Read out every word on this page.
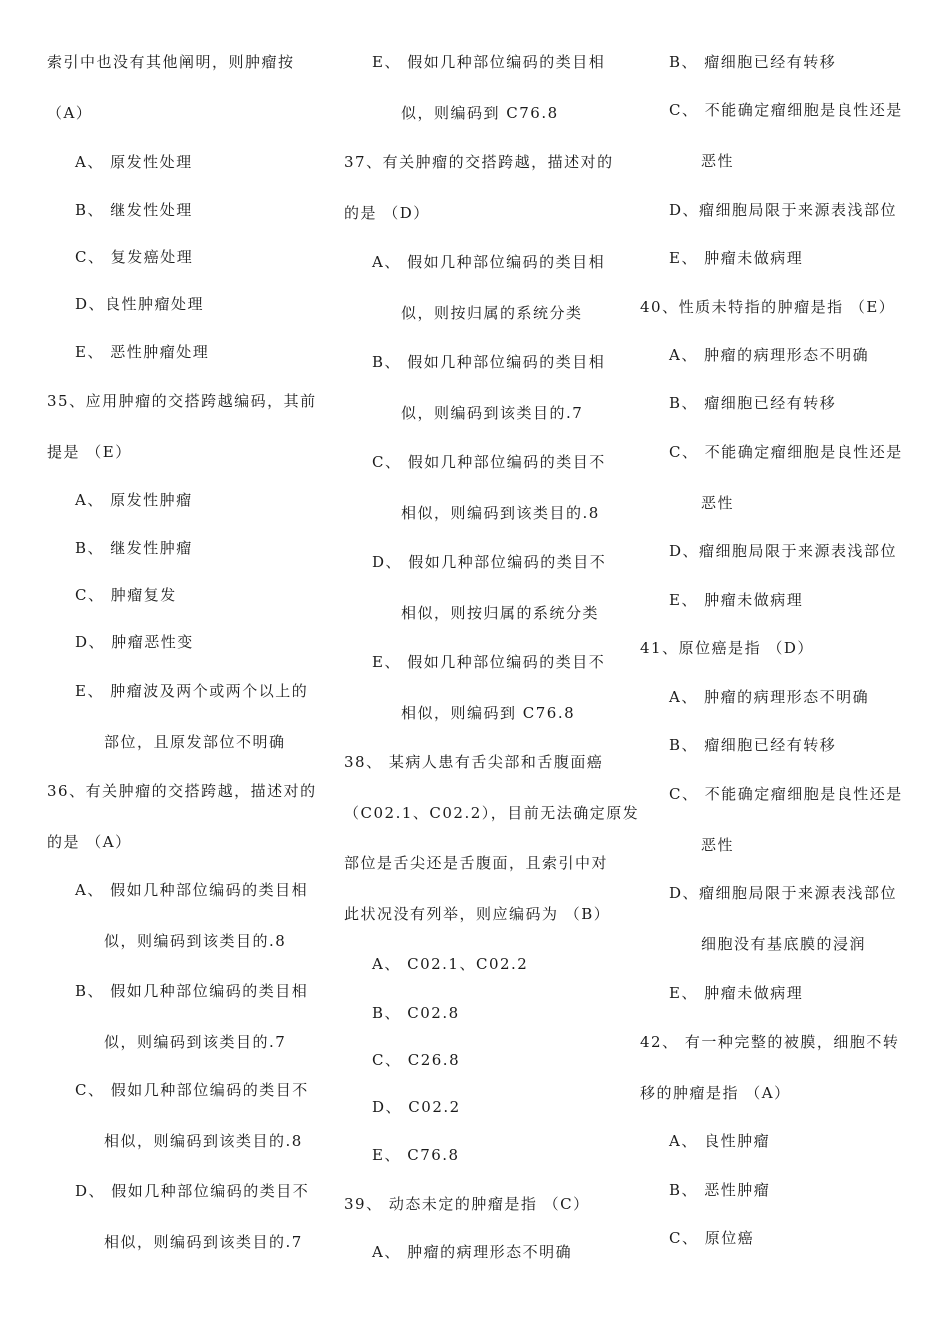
索引中也没有其他阐明，则肿瘤按
（A）
A、 原发性处理
B、 继发性处理
C、 复发癌处理
D、良性肿瘤处理
E、 恶性肿瘤处理
35、应用肿瘤的交搭跨越编码，其前
提是 （E）
A、 原发性肿瘤
B、 继发性肿瘤
C、 肿瘤复发
D、 肿瘤恶性变
E、 肿瘤波及两个或两个以上的
部位，且原发部位不明确
36、有关肿瘤的交搭跨越，描述对的
的是 （A）
A、 假如几种部位编码的类目相
似，则编码到该类目的.8
B、 假如几种部位编码的类目相
似，则编码到该类目的.7
C、 假如几种部位编码的类目不
相似，则编码到该类目的.8
D、 假如几种部位编码的类目不
相似，则编码到该类目的.7
E、 假如几种部位编码的类目相
似，则编码到 C76.8
37、有关肿瘤的交搭跨越，描述对的
的是 （D）
A、 假如几种部位编码的类目相
似，则按归属的系统分类
B、 假如几种部位编码的类目相
似，则编码到该类目的.7
C、 假如几种部位编码的类目不
相似，则编码到该类目的.8
D、 假如几种部位编码的类目不
相似，则按归属的系统分类
E、 假如几种部位编码的类目不
相似，则编码到 C76.8
38、 某病人患有舌尖部和舌腹面癌
（C02.1、C02.2），目前无法确定原发
部位是舌尖还是舌腹面，且索引中对
此状况没有列举，则应编码为 （B）
A、 C02.1、C02.2
B、 C02.8
C、 C26.8
D、 C02.2
E、 C76.8
39、 动态未定的肿瘤是指 （C）
A、 肿瘤的病理形态不明确
B、 瘤细胞已经有转移
C、 不能确定瘤细胞是良性还是
恶性
D、瘤细胞局限于来源表浅部位
E、 肿瘤未做病理
40、性质未特指的肿瘤是指 （E）
A、 肿瘤的病理形态不明确
B、 瘤细胞已经有转移
C、 不能确定瘤细胞是良性还是
恶性
D、瘤细胞局限于来源表浅部位
E、 肿瘤未做病理
41、原位癌是指 （D）
A、 肿瘤的病理形态不明确
B、 瘤细胞已经有转移
C、 不能确定瘤细胞是良性还是
恶性
D、瘤细胞局限于来源表浅部位
细胞没有基底膜的浸润
E、 肿瘤未做病理
42、 有一种完整的被膜，细胞不转
移的肿瘤是指 （A）
A、 良性肿瘤
B、 恶性肿瘤
C、 原位癌
